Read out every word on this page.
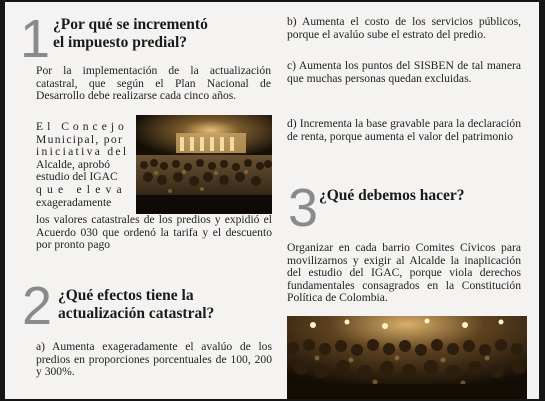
1 ¿Por qué se incrementó
el impuesto predial?

Por la implementación de la actualización catastral, que según el Plan Nacional de Desarrollo debe realizarse cada cinco años.

El Concejo
Municipal, por
iniciativa del
Alcalde, aprobó
estudio del IGAC
que eleva
exageradamente

los valores catastrales de los predios y expidió el Acuerdo 030 que ordenó la tarifa y el descuento por pronto pago

2 ¿Qué efectos tiene la
actualización catastral?

a) Aumenta exageradamente el avalúo de los predios en proporciones porcentuales de 100, 200 y 300%.

b) Aumenta el costo de los servicios públicos, porque el avalúo sube el estrato del predio.

c) Aumenta los puntos del SISBEN de tal manera que muchas personas quedan excluidas.

d) Incrementa la base gravable para la declaración de renta, porque aumenta el valor del patrimonio

3 ¿Qué debemos hacer?

Organizar en cada barrio Comites Cívicos para movilizarnos y exigir al Alcalde la inaplicación del estudio del IGAC, porque viola derechos fundamentales consagrados en la Constitución Política de Colombia.
